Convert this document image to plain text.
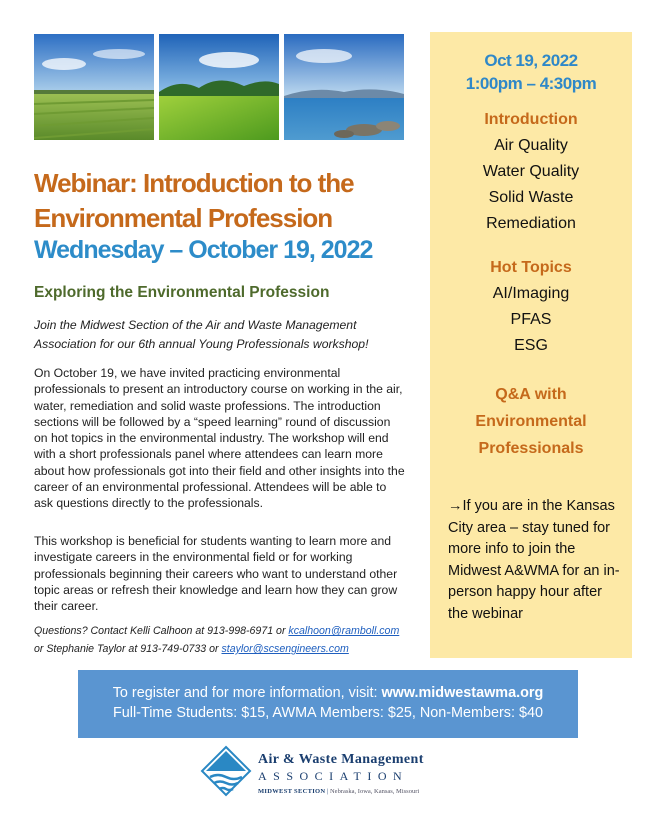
Webinar: Introduction to the Environmental Profession
Wednesday – October 19, 2022
Exploring the Environmental Profession

Join the Midwest Section of the Air and Waste Management Association for our 6th annual Young Professionals workshop!

On October 19, we have invited practicing environmental professionals to present an introductory course on working in the air, water, remediation and solid waste professions. The introduction sections will be followed by a “speed learning” round of discussion on hot topics in the environmental industry. The workshop will end with a short professionals panel where attendees can learn more about how professionals got into their field and other insights into the career of an environmental professional. Attendees will be able to ask questions directly to the professionals.

This workshop is beneficial for students wanting to learn more and investigate careers in the environmental field or for working professionals beginning their careers who want to understand other topic areas or refresh their knowledge and learn how they can grow their career.

Questions? Contact Kelli Calhoon at 913-998-6971 or kcalhoon@ramboll.com
or Stephanie Taylor at 913-749-0733 or staylor@scsengineers.com
Oct 19, 2022
1:00pm – 4:30pm
Introduction
Air Quality
Water Quality
Solid Waste
Remediation
Hot Topics
AI/Imaging
PFAS
ESG
Q&A with
Environmental
Professionals
→If you are in the Kansas City area – stay tuned for more info to join the Midwest A&WMA for an in-person happy hour after the webinar
To register and for more information, visit: www.midwestawma.org
Full-Time Students: $15, AWMA Members: $25, Non-Members: $40
Air & Waste Management
ASSOCIATION
MIDWEST SECTION | Nebraska, Iowa, Kansas, Missouri
